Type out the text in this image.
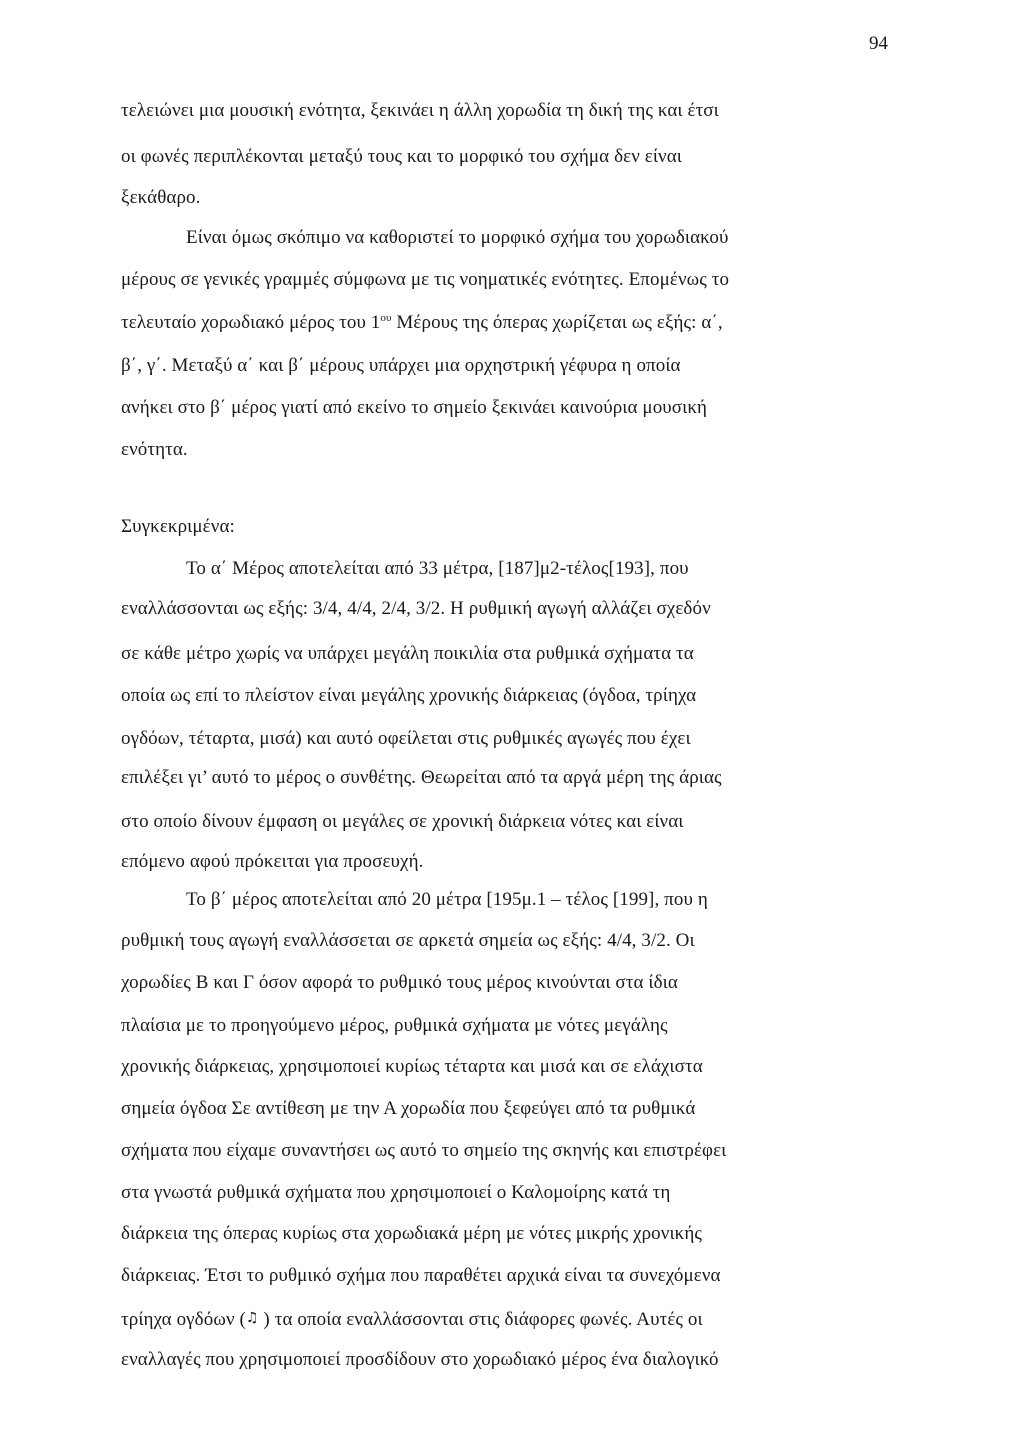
94
τελειώνει μια μουσική ενότητα, ξεκινάει η άλλη χορωδία τη δική της και έτσι
οι φωνές περιπλέκονται μεταξύ τους και το μορφικό του σχήμα δεν είναι
ξεκάθαρο.
Είναι όμως σκόπιμο να καθοριστεί το μορφικό σχήμα του χορωδιακού
μέρους σε γενικές γραμμές σύμφωνα με τις νοηματικές ενότητες. Επομένως το
τελευταίο χορωδιακό μέρος του $1^{o\upsilon}$ Μέρους της όπερας χωρίζεται ως εξής: α΄,
β΄, γ΄. Μεταξύ α΄ και β΄ μέρους υπάρχει μια ορχηστρική γέφυρα η οποία
ανήκει στο β΄ μέρος γιατί από εκείνο το σημείο ξεκινάει καινούρια μουσική
ενότητα.
Συγκεκριμένα:
Το α΄ Μέρος αποτελείται από 33 μέτρα, [187]μ2-τέλος[193], που
εναλλάσσονται ως εξής: 3/4, 4/4, 2/4, 3/2. Η ρυθμική αγωγή αλλάζει σχεδόν
σε κάθε μέτρο χωρίς να υπάρχει μεγάλη ποικιλία στα ρυθμικά σχήματα τα
οποία ως επί το πλείστον είναι μεγάλης χρονικής διάρκειας (όγδοα, τρίηχα
ογδόων, τέταρτα, μισά) και αυτό οφείλεται στις ρυθμικές αγωγές που έχει
επιλέξει γι’ αυτό το μέρος ο συνθέτης. Θεωρείται από τα αργά μέρη της άριας
στο οποίο δίνουν έμφαση οι μεγάλες σε χρονική διάρκεια νότες και είναι
επόμενο αφού πρόκειται για προσευχή.
Το β΄ μέρος αποτελείται από 20 μέτρα [195μ.1 – τέλος [199], που η
ρυθμική τους αγωγή εναλλάσσεται σε αρκετά σημεία ως εξής: 4/4, 3/2. Οι
χορωδίες Β και Γ όσον αφορά το ρυθμικό τους μέρος κινούνται στα ίδια
πλαίσια με το προηγούμενο μέρος, ρυθμικά σχήματα με νότες μεγάλης
χρονικής διάρκειας, χρησιμοποιεί κυρίως τέταρτα και μισά και σε ελάχιστα
σημεία όγδοα Σε αντίθεση με την Α χορωδία που ξεφεύγει από τα ρυθμικά
σχήματα που είχαμε συναντήσει ως αυτό το σημείο της σκηνής και επιστρέφει
στα γνωστά ρυθμικά σχήματα που χρησιμοποιεί ο Καλομοίρης κατά τη
διάρκεια της όπερας κυρίως στα χορωδιακά μέρη με νότες μικρής χρονικής
διάρκειας. Έτσι το ρυθμικό σχήμα που παραθέτει αρχικά είναι τα συνεχόμενα
τρίηχα ογδόων (♫ ) τα οποία εναλλάσσονται στις διάφορες φωνές. Αυτές οι
εναλλαγές που χρησιμοποιεί προσδίδουν στο χορωδιακό μέρος ένα διαλογικό
